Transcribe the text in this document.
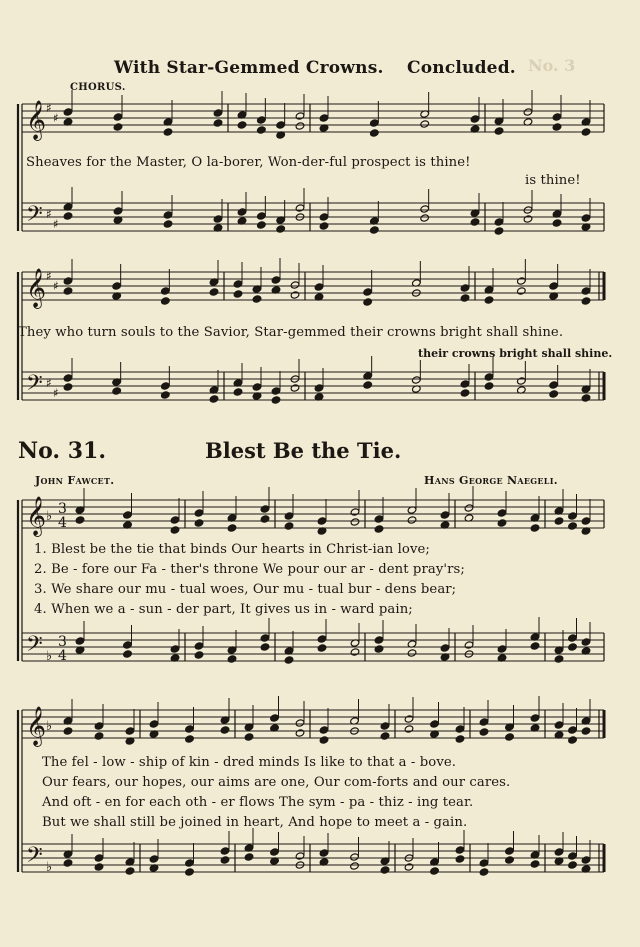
No. 3
With Star-Gemmed Crowns. Concluded.
CHORUS.
𝄞
𝄢
♯
♯
♯
♯
𝄞
𝄢
♯
♯
♯
♯
𝄞
𝄢
♭
♭
3
4
3
4
𝄞
𝄢
♭
♭
Sheaves for the Master, O la-borer, Won-der-ful prospect is thine!
is thine!
They who turn souls to the Savior, Star-gemmed their crowns bright shall shine.
their crowns bright shall shine.
No. 31.	Blest Be the Tie.
John Fawcet.	Hans George Naegeli.
1. Blest be the tie that binds Our hearts in Christ-ian love;
2. Be - fore our Fa - ther's throne We pour our ar - dent pray'rs;
3. We share our mu - tual woes, Our mu - tual bur - dens bear;
4. When we a - sun - der part, It gives us in - ward pain;
The fel - low - ship of kin - dred minds Is like to that a - bove.
Our fears, our hopes, our aims are one, Our com-forts and our cares.
And oft - en for each oth - er flows The sym - pa - thiz - ing tear.
But we shall still be joined in heart, And hope to meet a - gain.
